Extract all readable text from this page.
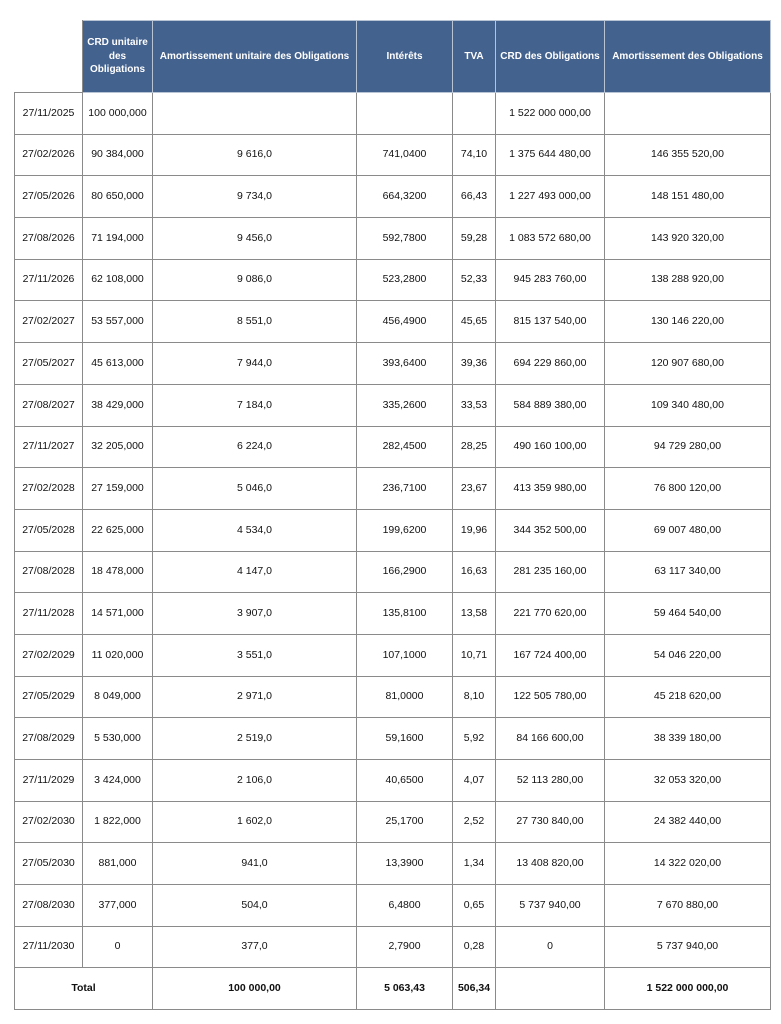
	CRD unitaire des Obligations	Amortissement unitaire des Obligations	Intérêts	TVA	CRD des Obligations	Amortissement des Obligations
27/11/2025	100 000,000				1 522 000 000,00	
27/02/2026	90 384,000	9 616,0	741,0400	74,10	1 375 644 480,00	146 355 520,00
27/05/2026	80 650,000	9 734,0	664,3200	66,43	1 227 493 000,00	148 151 480,00
27/08/2026	71 194,000	9 456,0	592,7800	59,28	1 083 572 680,00	143 920 320,00
27/11/2026	62 108,000	9 086,0	523,2800	52,33	945 283 760,00	138 288 920,00
27/02/2027	53 557,000	8 551,0	456,4900	45,65	815 137 540,00	130 146 220,00
27/05/2027	45 613,000	7 944,0	393,6400	39,36	694 229 860,00	120 907 680,00
27/08/2027	38 429,000	7 184,0	335,2600	33,53	584 889 380,00	109 340 480,00
27/11/2027	32 205,000	6 224,0	282,4500	28,25	490 160 100,00	94 729 280,00
27/02/2028	27 159,000	5 046,0	236,7100	23,67	413 359 980,00	76 800 120,00
27/05/2028	22 625,000	4 534,0	199,6200	19,96	344 352 500,00	69 007 480,00
27/08/2028	18 478,000	4 147,0	166,2900	16,63	281 235 160,00	63 117 340,00
27/11/2028	14 571,000	3 907,0	135,8100	13,58	221 770 620,00	59 464 540,00
27/02/2029	11 020,000	3 551,0	107,1000	10,71	167 724 400,00	54 046 220,00
27/05/2029	8 049,000	2 971,0	81,0000	8,10	122 505 780,00	45 218 620,00
27/08/2029	5 530,000	2 519,0	59,1600	5,92	84 166 600,00	38 339 180,00
27/11/2029	3 424,000	2 106,0	40,6500	4,07	52 113 280,00	32 053 320,00
27/02/2030	1 822,000	1 602,0	25,1700	2,52	27 730 840,00	24 382 440,00
27/05/2030	881,000	941,0	13,3900	1,34	13 408 820,00	14 322 020,00
27/08/2030	377,000	504,0	6,4800	0,65	5 737 940,00	7 670 880,00
27/11/2030	0	377,0	2,7900	0,28	0	5 737 940,00
Total		100 000,00	5 063,43	506,34		1 522 000 000,00
